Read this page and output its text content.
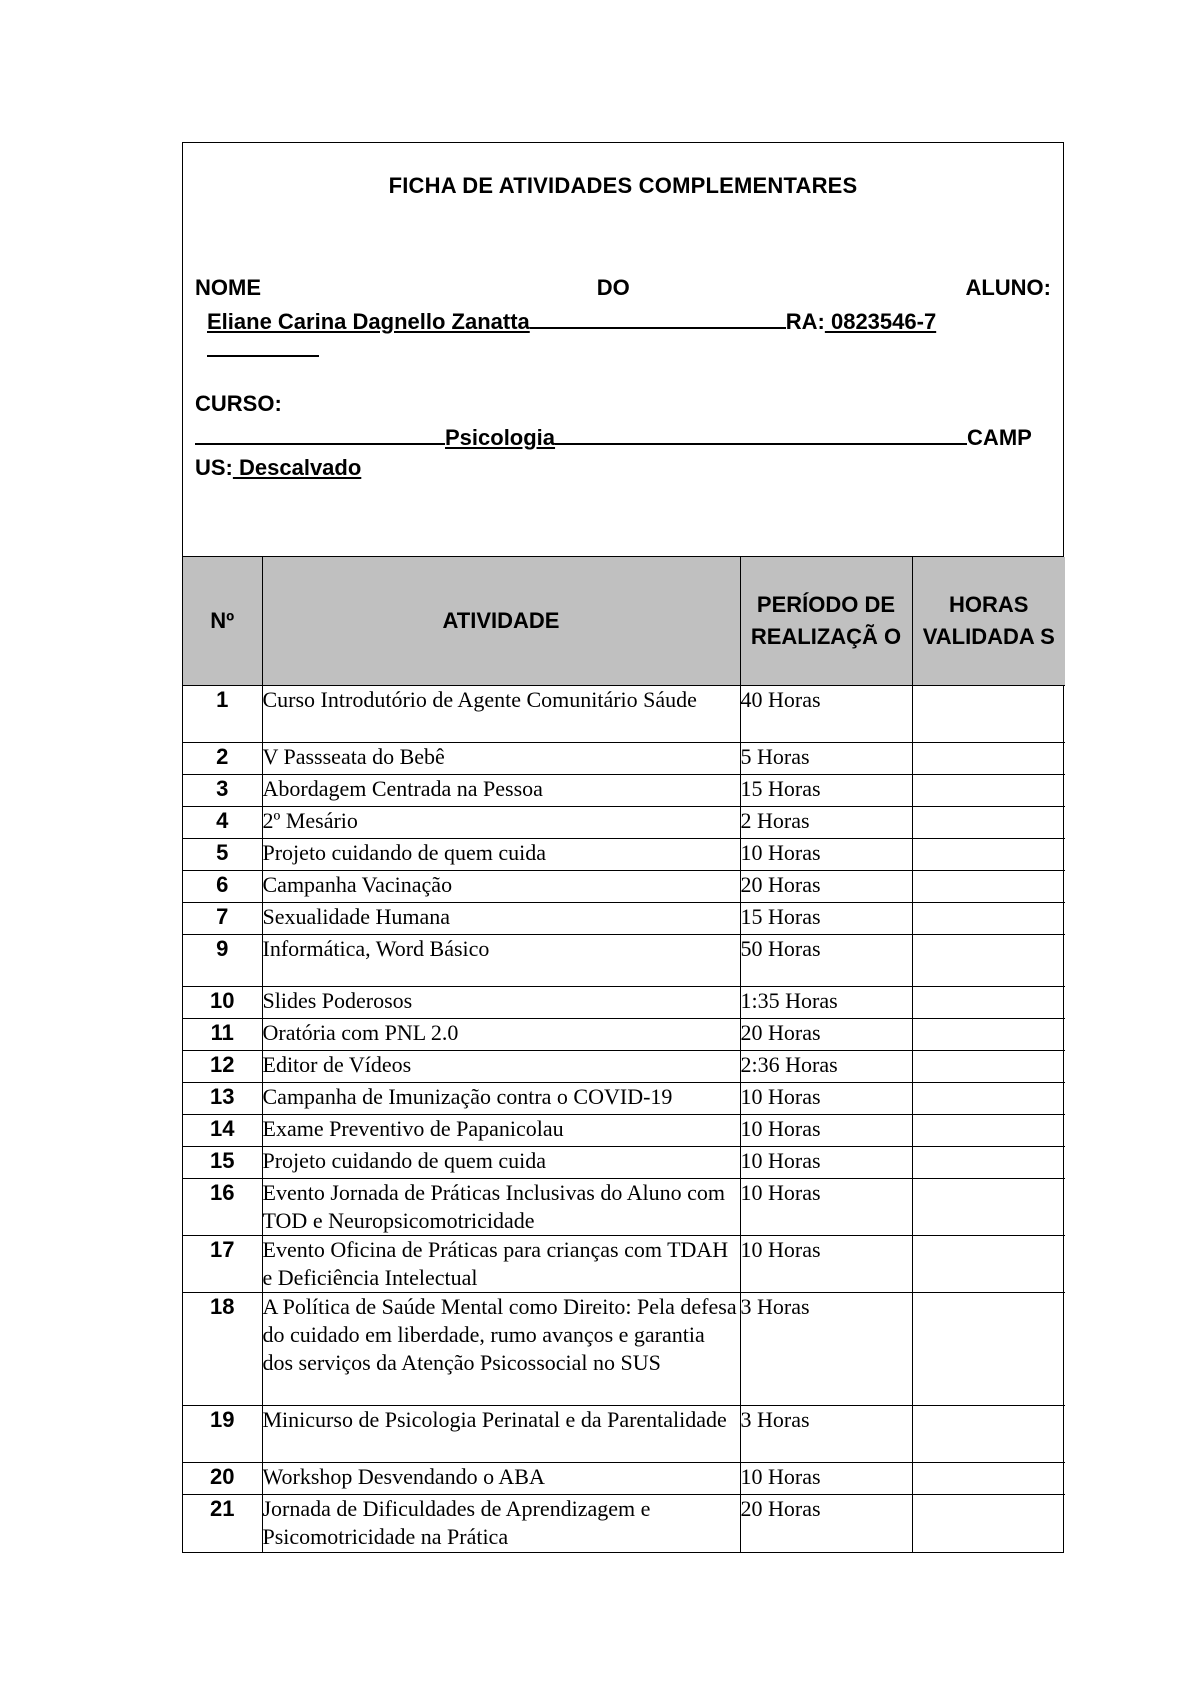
FICHA DE ATIVIDADES COMPLEMENTARES
NOME	DO	ALUNO:
Eliane Carina Dagnello Zanatta	RA: 0823546-7
CURSO:
Psicologia	CAMP
US: Descalvado
Nº	ATIVIDADE	PERÍODO DE REALIZAÇÃ O	HORAS VALIDADA S
1	Curso Introdutório de Agente Comunitário Sáude	40 Horas	
2	V Passseata do Bebê	5 Horas	
3	Abordagem Centrada na Pessoa	15 Horas	
4	2º Mesário	2 Horas	
5	Projeto cuidando de quem cuida	10 Horas	
6	Campanha Vacinação	20 Horas	
7	Sexualidade Humana	15 Horas	
9	Informática, Word Básico	50 Horas	
10	Slides Poderosos	1:35 Horas	
11	Oratória com PNL 2.0	20 Horas	
12	Editor de Vídeos	2:36 Horas	
13	Campanha de Imunização contra o COVID-19	10 Horas	
14	Exame Preventivo de Papanicolau	10 Horas	
15	Projeto cuidando de quem cuida	10 Horas	
16	Evento Jornada de Práticas Inclusivas do Aluno com TOD e Neuropsicomotricidade	10 Horas	
17	Evento Oficina de Práticas para crianças com TDAH e Deficiência Intelectual	10 Horas	
18	A Política de Saúde Mental como Direito: Pela defesa do cuidado em liberdade, rumo avanços e garantia dos serviços da Atenção Psicossocial no SUS	3 Horas	
19	Minicurso de Psicologia Perinatal e da Parentalidade	3 Horas	
20	Workshop Desvendando o ABA	10 Horas	
21	Jornada de Dificuldades de Aprendizagem e Psicomotricidade na Prática	20 Horas	
